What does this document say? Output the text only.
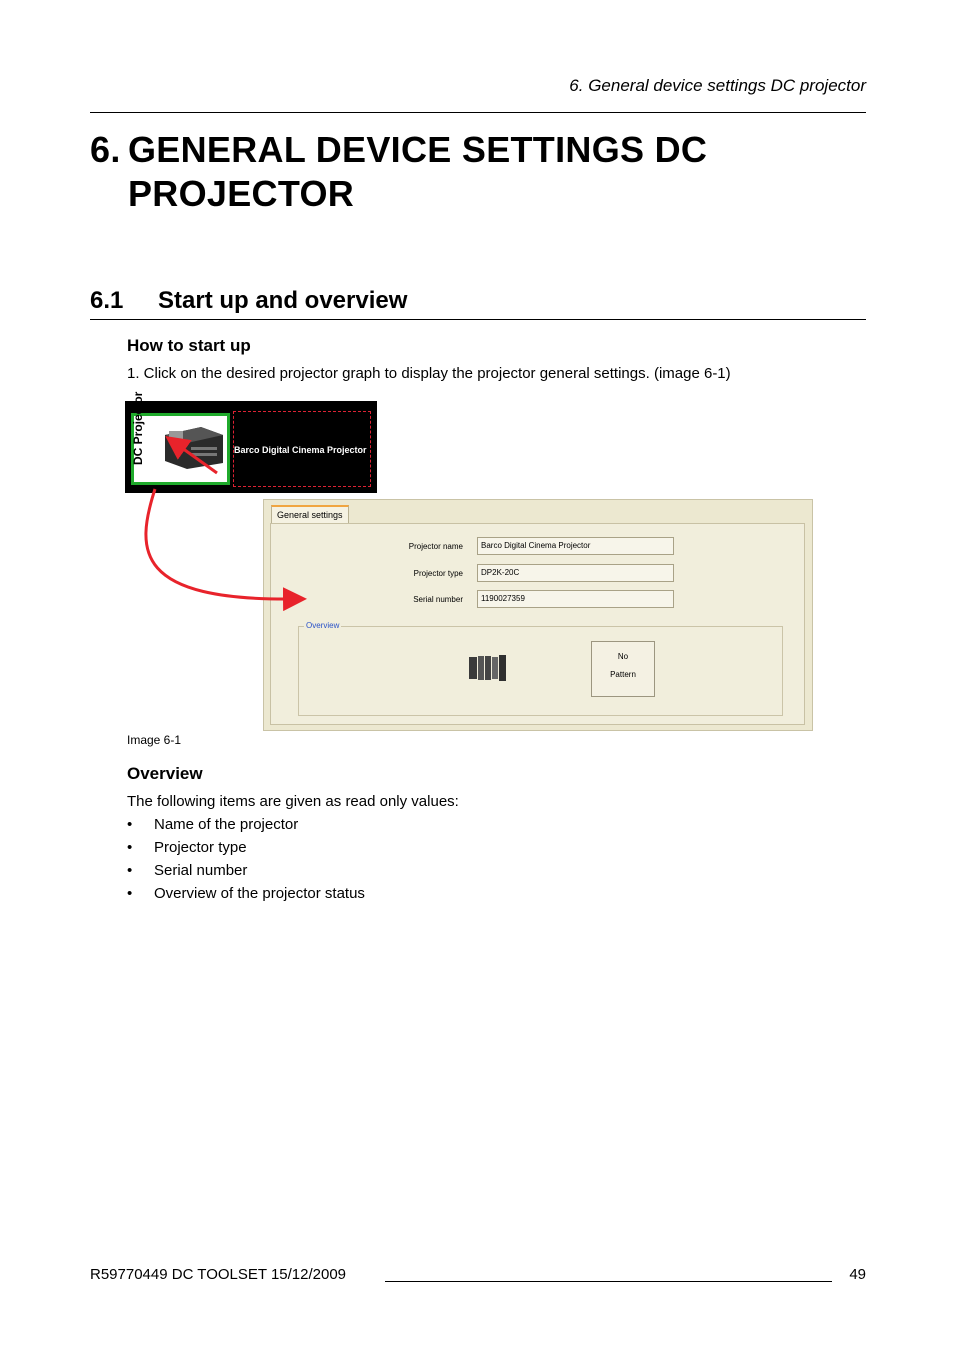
6. General device settings DC projector
6. GENERAL DEVICE SETTINGS DC PROJECTOR
6.1 Start up and overview
How to start up
1. Click on the desired projector graph to display the projector general settings. (image 6-1)
DC Projector	Barco Digital Cinema Projector
General settings
Projector name	Barco Digital Cinema Projector
Projector type	DP2K-20C
Serial number	1190027359
Overview
No
Pattern
Image 6-1
Overview
The following items are given as read only values:
• Name of the projector
• Projector type
• Serial number
• Overview of the projector status
R59770449 DC TOOLSET 15/12/2009	49
